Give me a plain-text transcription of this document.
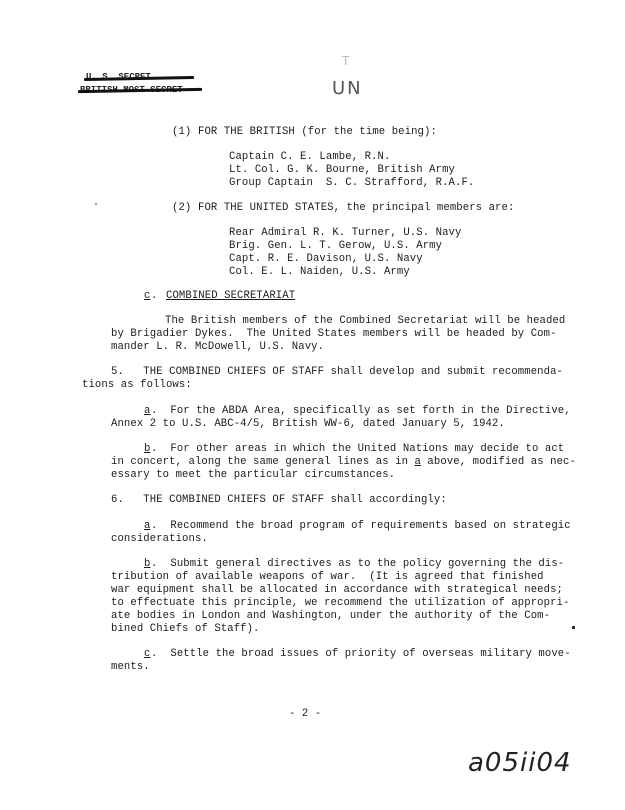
T
UN
(1) FOR THE BRITISH (for the time being):
Captain C. E. Lambe, R.N.
Lt. Col. G. K. Bourne, British Army
Group Captain  S. C. Strafford, R.A.F.
(2) FOR THE UNITED STATES, the principal members are:
Rear Admiral R. K. Turner, U.S. Navy
Brig. Gen. L. T. Gerow, U.S. Army
Capt. R. E. Davison, U.S. Navy
Col. E. L. Naiden, U.S. Army
c . COMBINED SECRETARIAT
The British members of the Combined Secretariat will be headed
by Brigadier Dykes.  The United States members will be headed by Com-
mander L. R. McDowell, U.S. Navy.
5.   THE COMBINED CHIEFS OF STAFF shall develop and submit recommenda-
tions as follows:
a .  For the ABDA Area, specifically as set forth in the Directive,
Annex 2 to U.S. ABC-4/5, British WW-6, dated January 5, 1942.
b .  For other areas in which the United Nations may decide to act
in concert, along the same general lines as in a above, modified as nec-
essary to meet the particular circumstances.
6.   THE COMBINED CHIEFS OF STAFF shall accordingly:
a .  Recommend the broad program of requirements based on strategic
considerations.
b .  Submit general directives as to the policy governing the dis-
tribution of available weapons of war.  (It is agreed that finished
war equipment shall be allocated in accordance with strategical needs;
to effectuate this principle, we recommend the utilization of appropri-
ate bodies in London and Washington, under the authority of the Com-
bined Chiefs of Staff).
c .  Settle the broad issues of priority of overseas military move-
ments.
- 2 -
a05ii04
